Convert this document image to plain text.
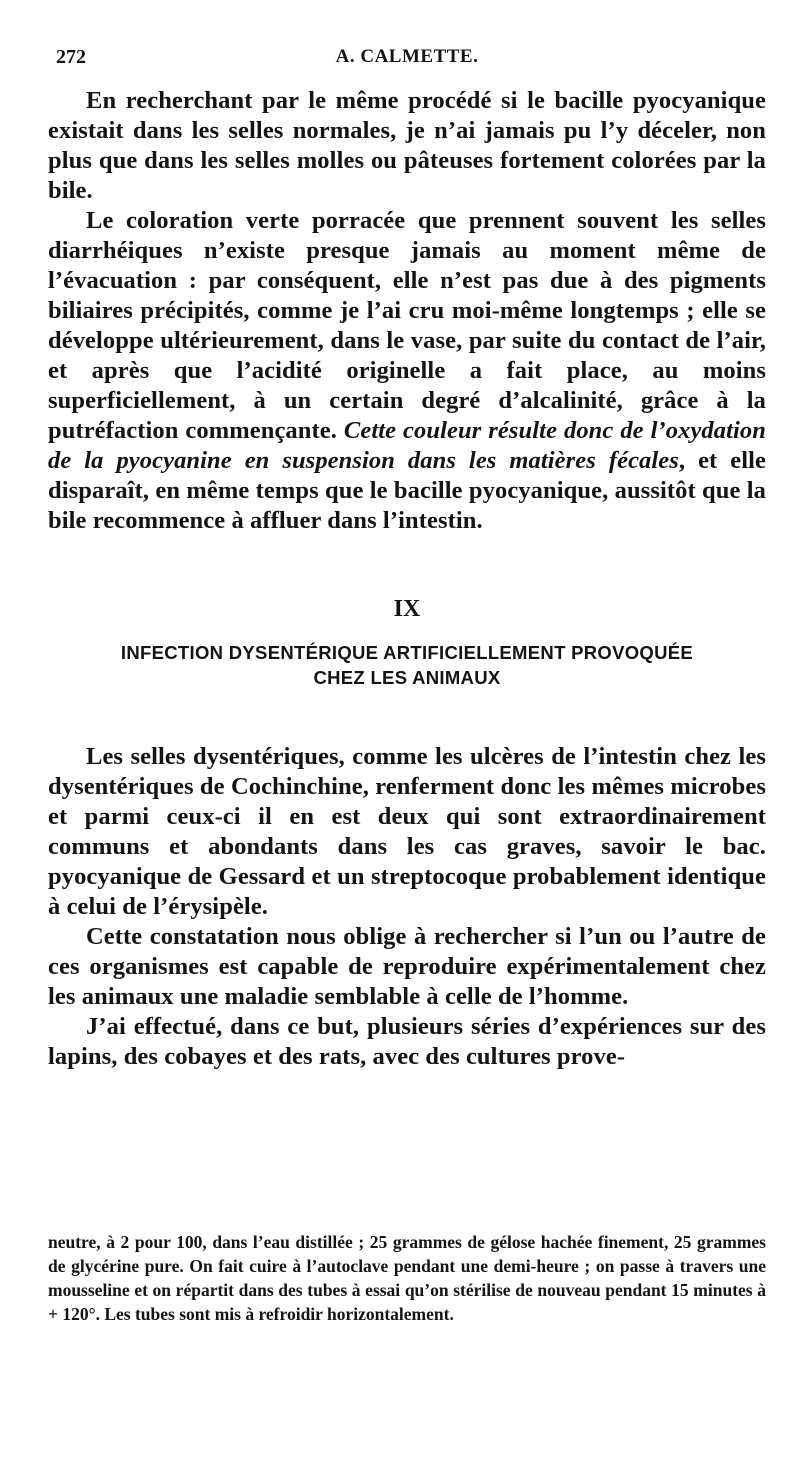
272	A. CALMETTE.

En recherchant par le même procédé si le bacille pyocyanique existait dans les selles normales, je n’ai jamais pu l’y déceler, non plus que dans les selles molles ou pâteuses fortement colorées par la bile.

Le coloration verte porracée que prennent souvent les selles diarrhéiques n’existe presque jamais au moment même de l’évacuation : par conséquent, elle n’est pas due à des pigments biliaires précipités, comme je l’ai cru moi-même longtemps ; elle se développe ultérieurement, dans le vase, par suite du contact de l’air, et après que l’acidité originelle a fait place, au moins superficiellement, à un certain degré d’alcalinité, grâce à la putréfaction commençante. Cette couleur résulte donc de l’oxydation de la pyocyanine en suspension dans les matières fécales, et elle disparaît, en même temps que le bacille pyocyanique, aussitôt que la bile recommence à affluer dans l’intestin.

IX
INFECTION DYSENTÉRIQUE ARTIFICIELLEMENT PROVOQUÉE
CHEZ LES ANIMAUX

Les selles dysentériques, comme les ulcères de l’intestin chez les dysentériques de Cochinchine, renferment donc les mêmes microbes et parmi ceux-ci il en est deux qui sont extraordinairement communs et abondants dans les cas graves, savoir le bac. pyocyanique de Gessard et un streptocoque probablement identique à celui de l’érysipèle.

Cette constatation nous oblige à rechercher si l’un ou l’autre de ces organismes est capable de reproduire expérimentalement chez les animaux une maladie semblable à celle de l’homme.

J’ai effectué, dans ce but, plusieurs séries d’expériences sur des lapins, des cobayes et des rats, avec des cultures prove-

neutre, à 2 pour 100, dans l’eau distillée ; 25 grammes de gélose hachée finement, 25 grammes de glycérine pure. On fait cuire à l’autoclave pendant une demi-heure ; on passe à travers une mousseline et on répartit dans des tubes à essai qu’on stérilise de nouveau pendant 15 minutes à + 120°. Les tubes sont mis à refroidir horizontalement.
